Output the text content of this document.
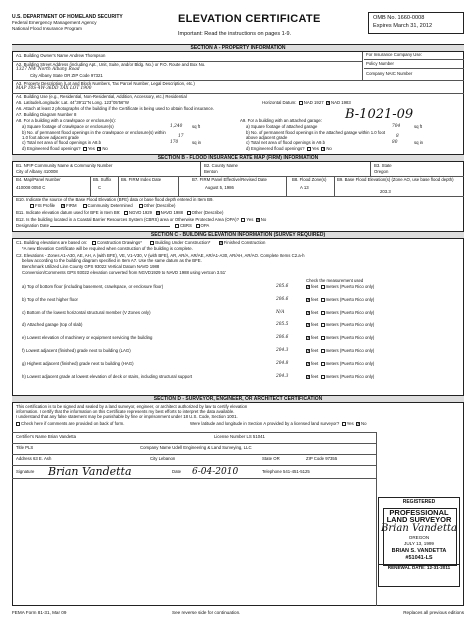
U.S. DEPARTMENT OF HOMELAND SECURITY
Federal Emergency Management Agency
National Flood Insurance Program
ELEVATION CERTIFICATE
Important: Read the instructions on pages 1-9.
OMB No. 1660-0008
Expires March 31, 2012
SECTION A - PROPERTY INFORMATION
For Insurance Company Use:
Policy Number
Company NAIC Number
A1. Building Owner's Name Andrew Thompson
A2. Building Street Address (including Apt., Unit, Suite, and/or Bldg. No.) or P.O. Route and Box No.
1327 NW North Albany Road
City Albany State OR ZIP Code 97321
A3. Property Description (Lot and Block Numbers, Tax Parcel Number, Legal Description, etc.)
MAP 10S-4W-36DD TAX LOT 1900
B-1021-09
A4. Building Use (e.g., Residential, Non-Residential, Addition, Accessory, etc.) Residential
A5. Latitude/Longitude: Lat. 44°39'11"N Long. 123°05'56"W	Horizontal Datum: NAD 1927 ✕NAD 1983
A6. Attach at least 2 photographs of the building if the Certificate is being used to obtain flood insurance.
A7. Building Diagram Number 8
A8. For a building with a crawlspace or enclosure(s):
a) Square footage of crawlspace or enclosure(s)	1,240 sq ft
b) No. of permanent flood openings in the crawlspace or enclosure(s) within 1.0 foot above adjacent grade	17
c) Total net area of flood openings in A8.b	170	sq in
d) Engineered flood openings? Yes ✕No
A9. For a building with an attached garage:
a) Square footage of attached garage	704	sq ft
b) No. of permanent flood openings in the attached garage within 1.0 foot above adjacent grade	8
c) Total net area of flood openings in A9.b	80	sq in
d) Engineered flood openings? Yes ✕No
SECTION B - FLOOD INSURANCE RATE MAP (FIRM) INFORMATION
B1. NFIP Community Name & Community Number
City of Albany 410008
B2. County Name
Benton
B3. State
Oregon
B4. Map/Panel Number
410008 0050 C
B5. Suffix
C
B6. FIRM Index Date	B7. FIRM Panel Effective/Revised Date
August 5, 1986
B8. Flood Zone(s)
A 13
B9. Base Flood Elevation(s) (Zone AO, use base flood depth)
203.3
B10. Indicate the source of the Base Flood Elevation (BFE) data or base flood depth entered in Item B9.
FIS Profile ✕FIRM	Community Determined	Other (Describe)
B11. Indicate elevation datum used for BFE in Item B9: NGVD 1929 ✕NAVD 1988 Other (Describe)
B12. Is the building located in a Coastal Barrier Resources System (CBRS) area or Otherwise Protected Area (OPA)? Yes ✕No
Designation Date	CBRS OPA
SECTION C - BUILDING ELEVATION INFORMATION (SURVEY REQUIRED)
C1. Building elevations are based on: Construction Drawings*	Building Under Construction*	✕Finished Construction
*A new Elevation Certificate will be required when construction of the building is complete.
C2. Elevations - Zones A1-A30, AE, AH, A (with BFE), VE, V1-V30, V (with BFE), AR, AR/A, AR/AE, AR/A1-A30, AR/AH, AR/AO. Complete Items C2.a-h
below according to the building diagram specified in Item A7. Use the same datum as the BFE.
Benchmark Utilized Linn County GPS 93022 Vertical Datum NAVD 1988
Conversion/Comments GPS 93022 elevation converted from NGVD1929 to NAVD 1988 using vertcon 3.51'
Check the measurement used
a) Top of bottom floor (including basement, crawlspace, or enclosure floor)	205.6	✕feet meters (Puerto Rico only)
b) Top of the next higher floor	206.6	✕feet meters (Puerto Rico only)
c) Bottom of the lowest horizontal structural member (V Zones only)	N/A	✕feet meters (Puerto Rico only)
d) Attached garage (top of slab)	205.5	✕feet meters (Puerto Rico only)
e) Lowest elevation of machinery or equipment servicing the building	206.6	✕feet meters (Puerto Rico only)
f) Lowest adjacent (finished) grade next to building (LAG)	204.3	✕feet meters (Puerto Rico only)
g) Highest adjacent (finished) grade next to building (HAG)	204.8	✕feet meters (Puerto Rico only)
h) Lowest adjacent grade at lowest elevation of deck or stairs, including structural support	204.3	✕feet meters (Puerto Rico only)
SECTION D - SURVEYOR, ENGINEER, OR ARCHITECT CERTIFICATION
This certification is to be signed and sealed by a land surveyor, engineer, or architect authorized by law to certify elevation
information. I certify that the information on this Certificate represents my best efforts to interpret the data available.
I understand that any false statement may be punishable by fine or imprisonment under 18 U.S. Code, Section 1001.
Check here if comments are provided on back of form.	Were latitude and longitude in Section A provided by a licensed land surveyor? Yes ✕No
Certifier's Name Brian Vandetta	License Number LS 51041
Title PLS	Company Name Udell Engineering & Land Surveying, LLC
Address 63 E. Ash	City Lebanon	State OR	ZIP Code 97355
Signature Brian Vandetta	Date 6-04-2010	Telephone 541-451-5125
REGISTERED
PROFESSIONAL
LAND SURVEYOR
Brian Vandetta
OREGON
JULY 13, 1999
BRIAN S. VANDETTA
#51041-LS
RENEWAL DATE: 12-31-2011
FEMA Form 81-31, Mar 09	See reverse side for continuation.	Replaces all previous editions
